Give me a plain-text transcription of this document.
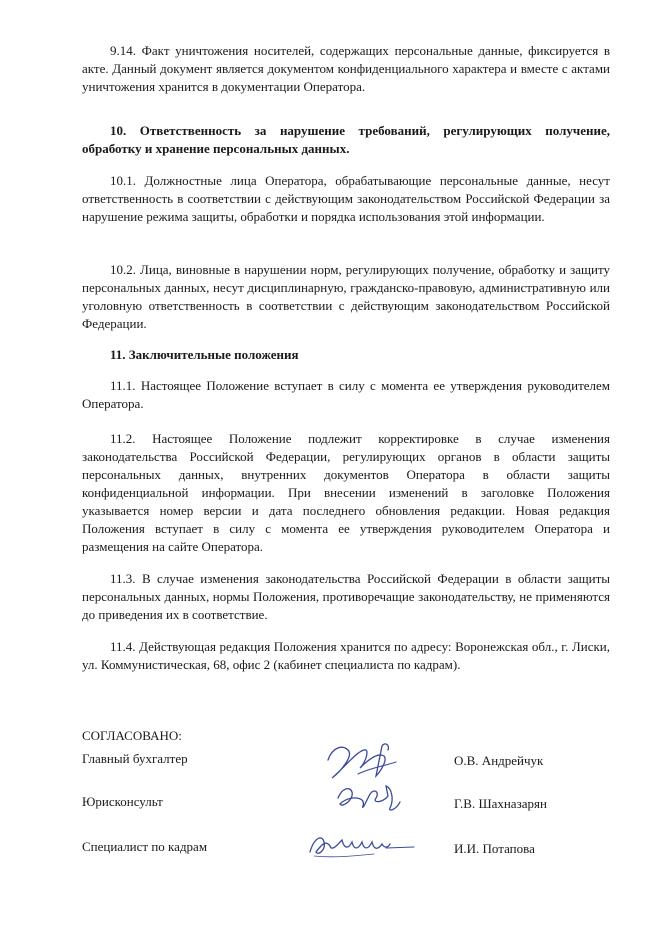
9.14. Факт уничтожения носителей, содержащих персональные данные, фиксируется в акте. Данный документ является документом конфиденциального характера и вместе с актами уничтожения хранится в документации Оператора.

10. Ответственность за нарушение требований, регулирующих получение, обработку и хранение персональных данных.

10.1. Должностные лица Оператора, обрабатывающие персональные данные, несут ответственность в соответствии с действующим законодательством Российской Федерации за нарушение режима защиты, обработки и порядка использования этой информации.

10.2. Лица, виновные в нарушении норм, регулирующих получение, обработку и защиту персональных данных, несут дисциплинарную, гражданско-правовую, административную или уголовную ответственность в соответствии с действующим законодательством Российской Федерации.

11. Заключительные положения

11.1. Настоящее Положение вступает в силу с момента ее утверждения руководителем Оператора.

11.2. Настоящее Положение подлежит корректировке в случае изменения законодательства Российской Федерации, регулирующих органов в области защиты персональных данных, внутренних документов Оператора в области защиты конфиденциальной информации. При внесении изменений в заголовке Положения указывается номер версии и дата последнего обновления редакции. Новая редакция Положения вступает в силу с момента ее утверждения руководителем Оператора и размещения на сайте Оператора.

11.3. В случае изменения законодательства Российской Федерации в области защиты персональных данных, нормы Положения, противоречащие законодательству, не применяются до приведения их в соответствие.

11.4. Действующая редакция Положения хранится по адресу: Воронежская обл., г. Лиски, ул. Коммунистическая, 68, офис 2 (кабинет специалиста по кадрам).

СОГЛАСОВАНО:
Главный бухгалтер	О.В. Андрейчук
Юрисконсульт	Г.В. Шахназарян
Специалист по кадрам	И.И. Потапова
